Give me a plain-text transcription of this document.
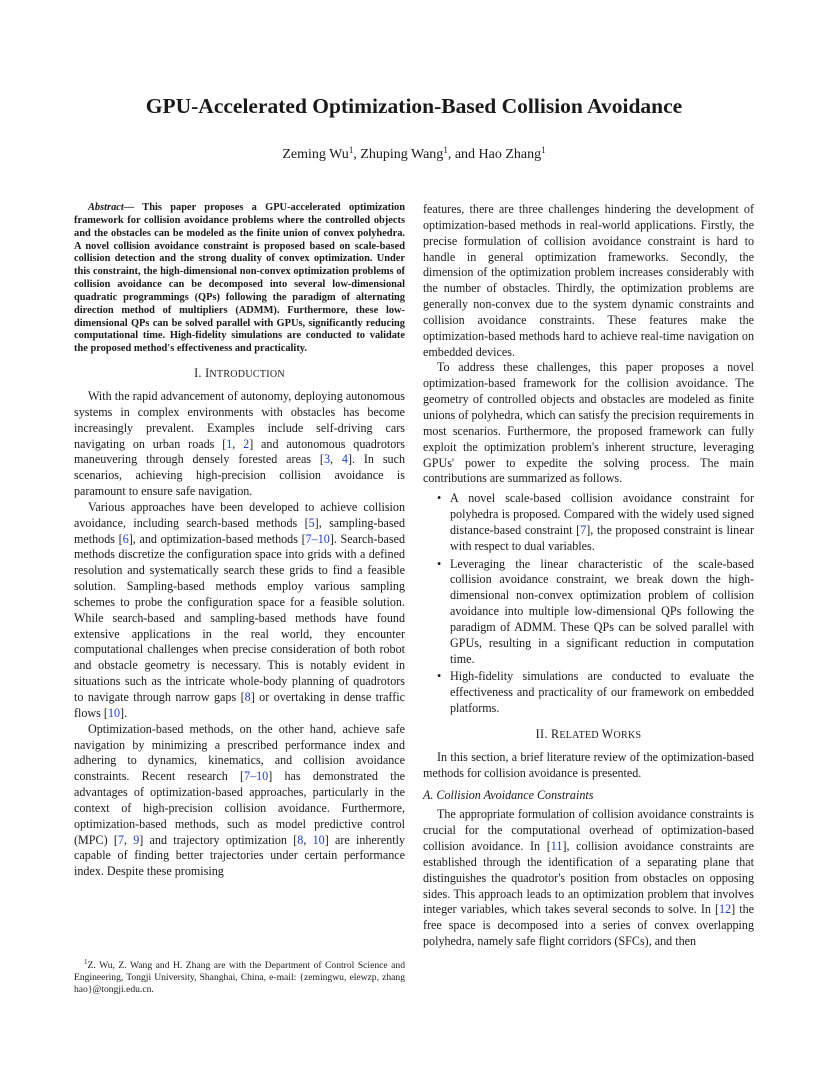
GPU-Accelerated Optimization-Based Collision Avoidance
Zeming Wu$^1$, Zhuping Wang$^1$, and Hao Zhang$^1$

Abstract— This paper proposes a GPU-accelerated optimization framework for collision avoidance problems where the controlled objects and the obstacles can be modeled as the finite union of convex polyhedra. A novel collision avoidance constraint is proposed based on scale-based collision detection and the strong duality of convex optimization. Under this constraint, the high-dimensional non-convex optimization problems of collision avoidance can be decomposed into several low-dimensional quadratic programmings (QPs) following the paradigm of alternating direction method of multipliers (ADMM). Furthermore, these low-dimensional QPs can be solved parallel with GPUs, significantly reducing computational time. High-fidelity simulations are conducted to validate the proposed method's effectiveness and practicality.

I. INTRODUCTION

With the rapid advancement of autonomy, deploying autonomous systems in complex environments with obstacles has become increasingly prevalent. Examples include self-driving cars navigating on urban roads [1, 2] and autonomous quadrotors maneuvering through densely forested areas [3, 4]. In such scenarios, achieving high-precision collision avoidance is paramount to ensure safe navigation.

Various approaches have been developed to achieve collision avoidance, including search-based methods [5], sampling-based methods [6], and optimization-based methods [7–10]. Search-based methods discretize the configuration space into grids with a defined resolution and systematically search these grids to find a feasible solution. Sampling-based methods employ various sampling schemes to probe the configuration space for a feasible solution. While search-based and sampling-based methods have found extensive applications in the real world, they encounter computational challenges when precise consideration of both robot and obstacle geometry is necessary. This is notably evident in situations such as the intricate whole-body planning of quadrotors to navigate through narrow gaps [8] or overtaking in dense traffic flows [10].

Optimization-based methods, on the other hand, achieve safe navigation by minimizing a prescribed performance index and adhering to dynamics, kinematics, and collision avoidance constraints. Recent research [7–10] has demonstrated the advantages of optimization-based approaches, particularly in the context of high-precision collision avoidance. Furthermore, optimization-based methods, such as model predictive control (MPC) [7, 9] and trajectory optimization [8, 10] are inherently capable of finding better trajectories under certain performance index. Despite these promising

features, there are three challenges hindering the development of optimization-based methods in real-world applications. Firstly, the precise formulation of collision avoidance constraint is hard to handle in general optimization frameworks. Secondly, the dimension of the optimization problem increases considerably with the number of obstacles. Thirdly, the optimization problems are generally non-convex due to the system dynamic constraints and collision avoidance constraints. These features make the optimization-based methods hard to achieve real-time navigation on embedded devices.

To address these challenges, this paper proposes a novel optimization-based framework for the collision avoidance. The geometry of controlled objects and obstacles are modeled as finite unions of polyhedra, which can satisfy the precision requirements in most scenarios. Furthermore, the proposed framework can fully exploit the optimization problem's inherent structure, leveraging GPUs' power to expedite the solving process. The main contributions are summarized as follows.

• A novel scale-based collision avoidance constraint for polyhedra is proposed. Compared with the widely used signed distance-based constraint [7], the proposed constraint is linear with respect to dual variables.
• Leveraging the linear characteristic of the scale-based collision avoidance constraint, we break down the high-dimensional non-convex optimization problem of collision avoidance into multiple low-dimensional QPs following the paradigm of ADMM. These QPs can be solved parallel with GPUs, resulting in a significant reduction in computation time.
• High-fidelity simulations are conducted to evaluate the effectiveness and practicality of our framework on embedded platforms.
II. RELATED WORKS

In this section, a brief literature review of the optimization-based methods for collision avoidance is presented.

A. Collision Avoidance Constraints

The appropriate formulation of collision avoidance constraints is crucial for the computational overhead of optimization-based collision avoidance. In [11], collision avoidance constraints are established through the identification of a separating plane that distinguishes the quadrotor's position from obstacles on opposing sides. This approach leads to an optimization problem that involves integer variables, which takes several seconds to solve. In [12] the free space is decomposed into a series of convex overlapping polyhedra, namely safe flight corridors (SFCs), and then

$^1$Z. Wu, Z. Wang and H. Zhang are with the Department of Control Science and Engineering, Tongji University, Shanghai, China, e-mail: {zemingwu, elewzp, zhang hao}@tongji.edu.cn.
